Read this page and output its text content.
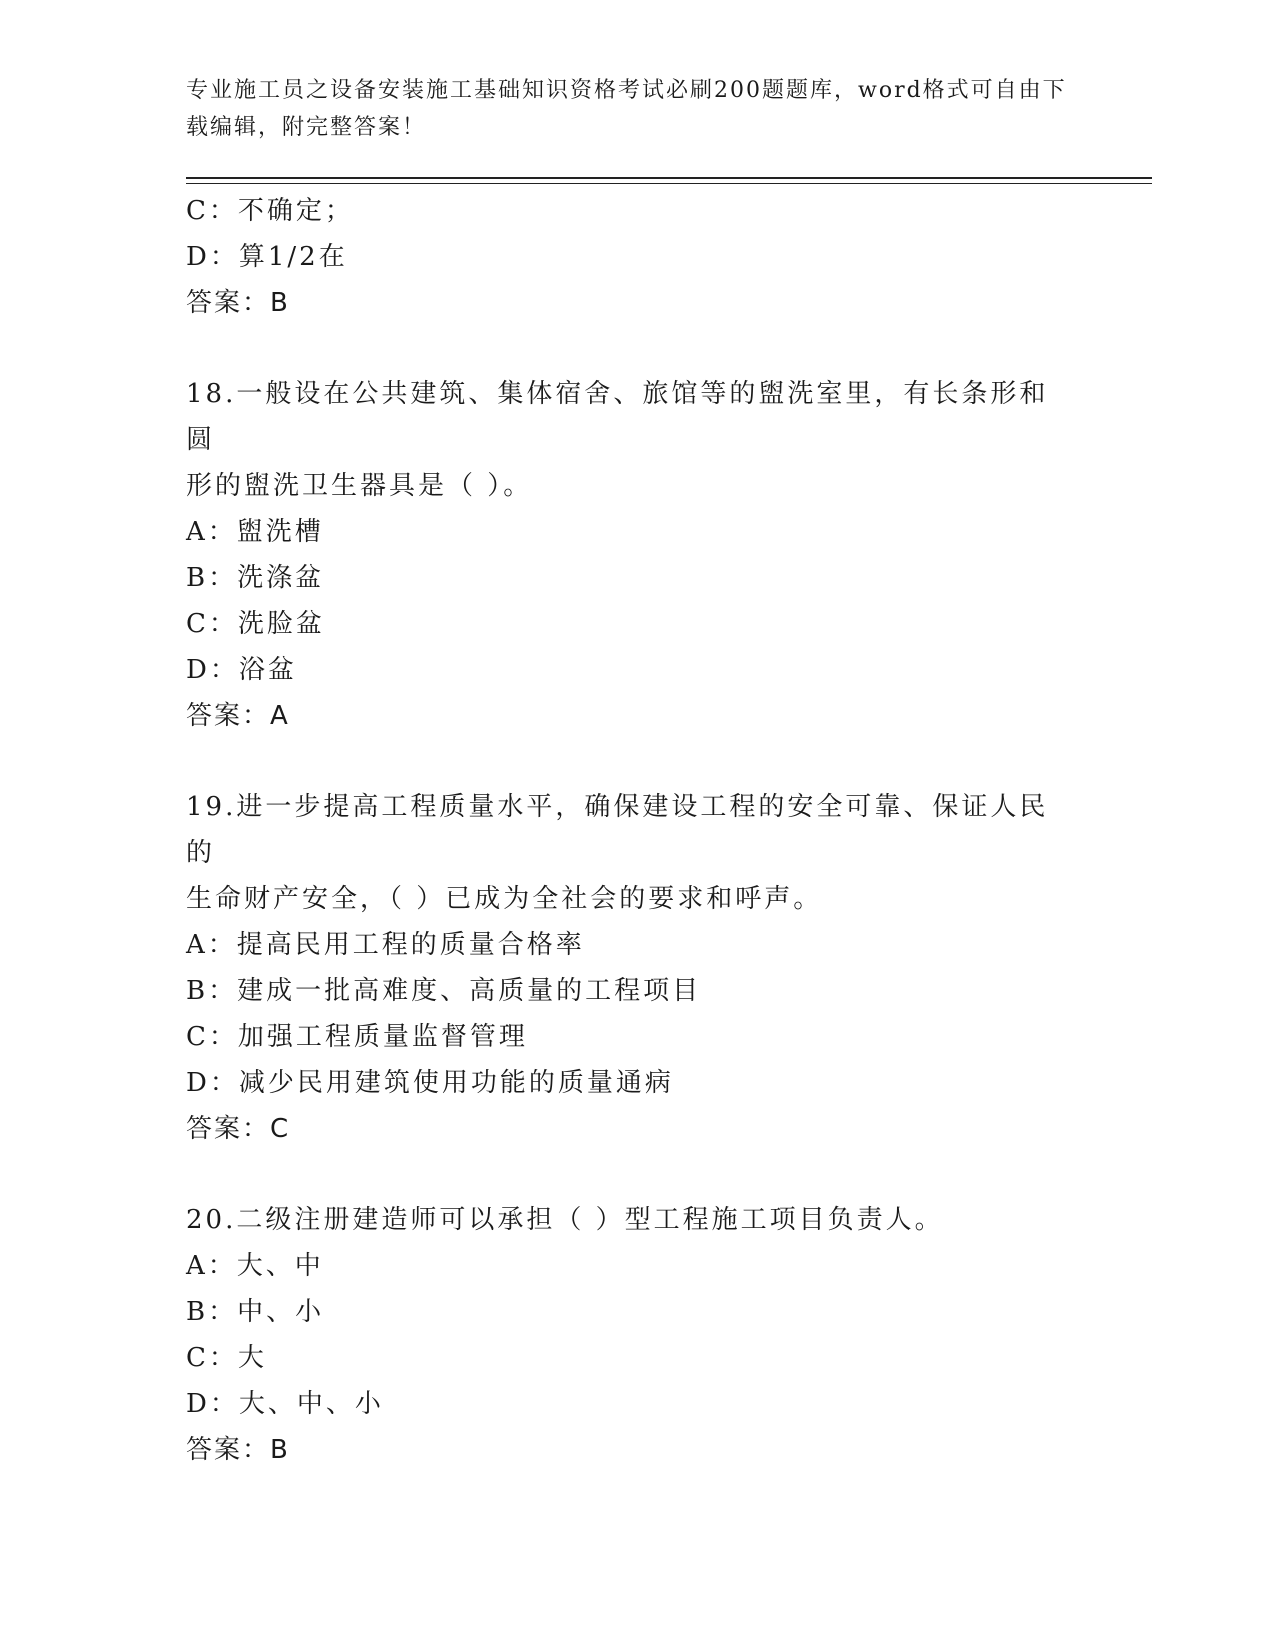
专业施工员之设备安装施工基础知识资格考试必刷200题题库，word格式可自由下载编辑，附完整答案！
C：不确定；
D：算1/2在
答案：B
18.一般设在公共建筑、集体宿舍、旅馆等的盥洗室里，有长条形和圆
形的盥洗卫生器具是（ ）。
A：盥洗槽
B：洗涤盆
C：洗脸盆
D：浴盆
答案：A
19.进一步提高工程质量水平，确保建设工程的安全可靠、保证人民的
生命财产安全，（ ）已成为全社会的要求和呼声。
A：提高民用工程的质量合格率
B：建成一批高难度、高质量的工程项目
C：加强工程质量监督管理
D：减少民用建筑使用功能的质量通病
答案：C
20.二级注册建造师可以承担（ ）型工程施工项目负责人。
A：大、中
B：中、小
C：大
D：大、中、小
答案：B
